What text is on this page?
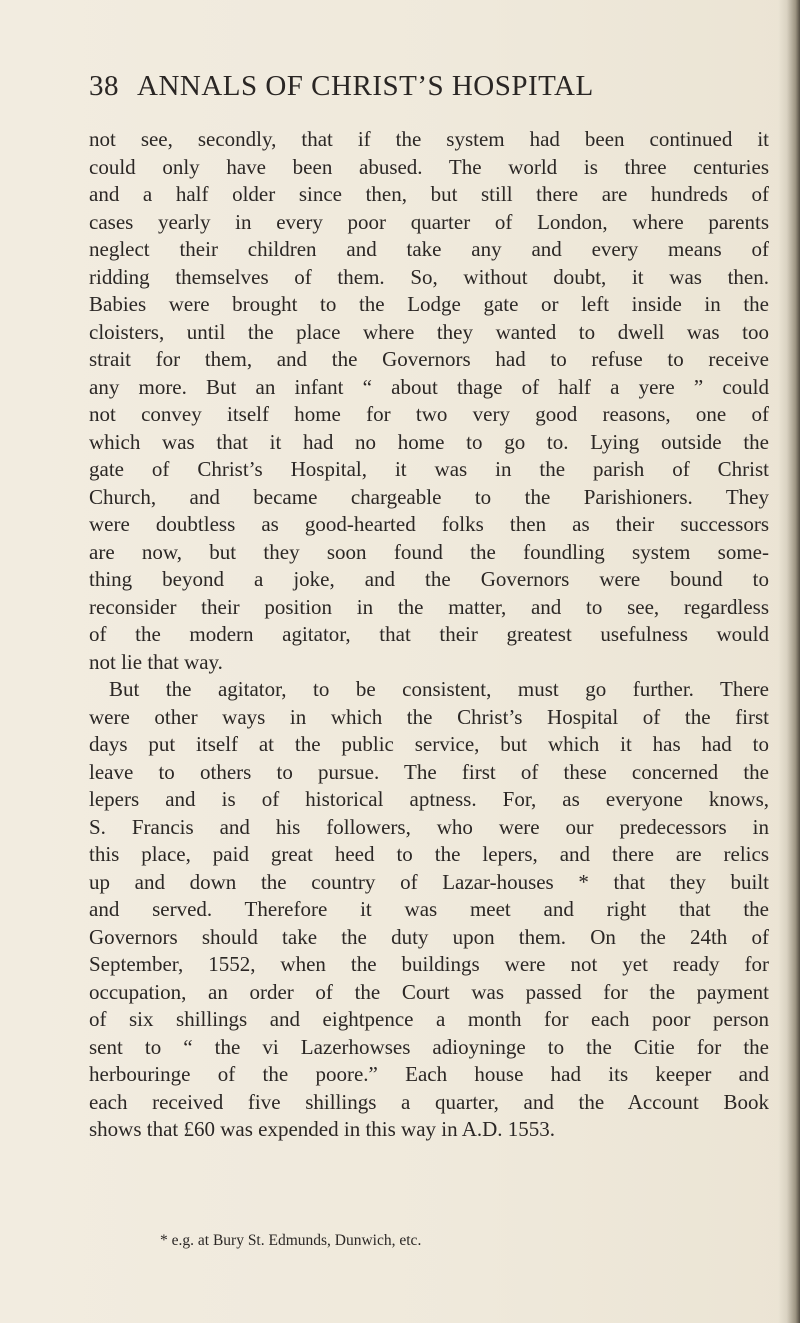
38 ANNALS OF CHRIST’S HOSPITAL
not see, secondly, that if the system had been continued it
could only have been abused. The world is three centuries
and a half older since then, but still there are hundreds of
cases yearly in every poor quarter of London, where parents
neglect their children and take any and every means of
ridding themselves of them. So, without doubt, it was then.
Babies were brought to the Lodge gate or left inside in the
cloisters, until the place where they wanted to dwell was too
strait for them, and the Governors had to refuse to receive
any more. But an infant “ about thage of half a yere ” could
not convey itself home for two very good reasons, one of
which was that it had no home to go to. Lying outside the
gate of Christ’s Hospital, it was in the parish of Christ
Church, and became chargeable to the Parishioners. They
were doubtless as good-hearted folks then as their successors
are now, but they soon found the foundling system some-
thing beyond a joke, and the Governors were bound to
reconsider their position in the matter, and to see, regardless
of the modern agitator, that their greatest usefulness would
not lie that way.
But the agitator, to be consistent, must go further. There
were other ways in which the Christ’s Hospital of the first
days put itself at the public service, but which it has had to
leave to others to pursue. The first of these concerned the
lepers and is of historical aptness. For, as everyone knows,
S. Francis and his followers, who were our predecessors in
this place, paid great heed to the lepers, and there are relics
up and down the country of Lazar-houses * that they built
and served. Therefore it was meet and right that the
Governors should take the duty upon them. On the 24th of
September, 1552, when the buildings were not yet ready for
occupation, an order of the Court was passed for the payment
of six shillings and eightpence a month for each poor person
sent to “ the vi Lazerhowses adioyninge to the Citie for the
herbouringe of the poore.” Each house had its keeper and
each received five shillings a quarter, and the Account Book
shows that £60 was expended in this way in A.D. 1553.
* e.g. at Bury St. Edmunds, Dunwich, etc.
